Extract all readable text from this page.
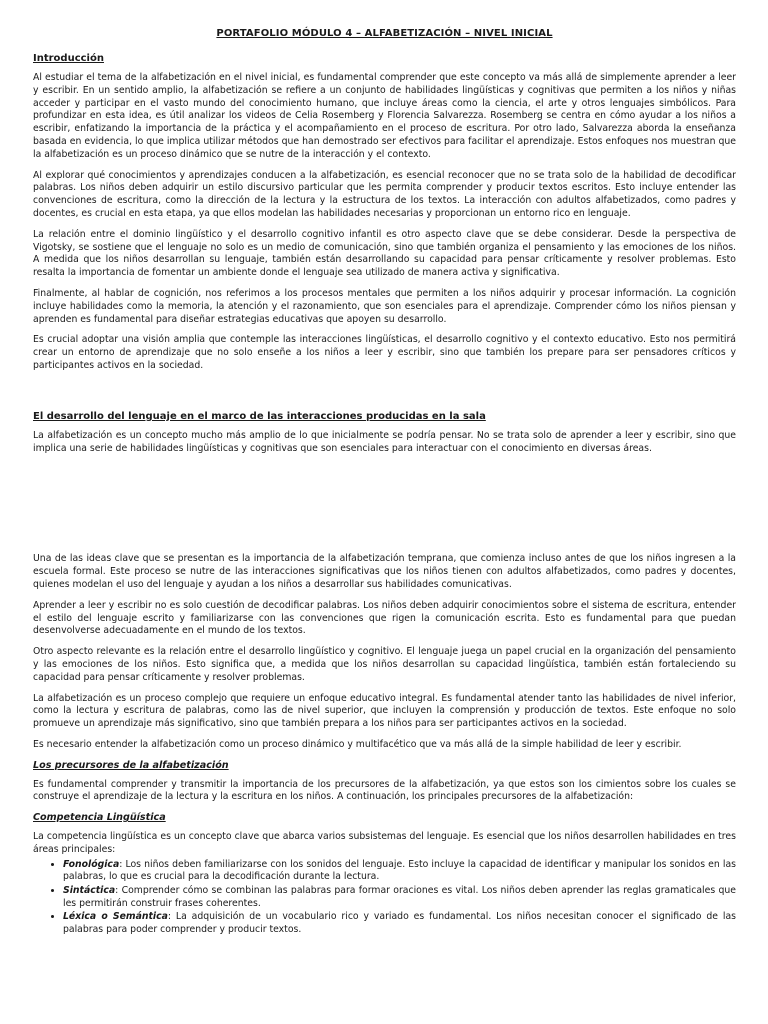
PORTAFOLIO MÓDULO 4 – ALFABETIZACIÓN – NIVEL INICIAL
Introducción

Al estudiar el tema de la alfabetización en el nivel inicial, es fundamental comprender que este concepto va más allá de simplemente aprender a leer y escribir. En un sentido amplio, la alfabetización se refiere a un conjunto de habilidades lingüísticas y cognitivas que permiten a los niños y niñas acceder y participar en el vasto mundo del conocimiento humano, que incluye áreas como la ciencia, el arte y otros lenguajes simbólicos. Para profundizar en esta idea, es útil analizar los videos de Celia Rosemberg y Florencia Salvarezza. Rosemberg se centra en cómo ayudar a los niños a escribir, enfatizando la importancia de la práctica y el acompañamiento en el proceso de escritura. Por otro lado, Salvarezza aborda la enseñanza basada en evidencia, lo que implica utilizar métodos que han demostrado ser efectivos para facilitar el aprendizaje. Estos enfoques nos muestran que la alfabetización es un proceso dinámico que se nutre de la interacción y el contexto.

Al explorar qué conocimientos y aprendizajes conducen a la alfabetización, es esencial reconocer que no se trata solo de la habilidad de decodificar palabras. Los niños deben adquirir un estilo discursivo particular que les permita comprender y producir textos escritos. Esto incluye entender las convenciones de escritura, como la dirección de la lectura y la estructura de los textos. La interacción con adultos alfabetizados, como padres y docentes, es crucial en esta etapa, ya que ellos modelan las habilidades necesarias y proporcionan un entorno rico en lenguaje.

La relación entre el dominio lingüístico y el desarrollo cognitivo infantil es otro aspecto clave que se debe considerar. Desde la perspectiva de Vigotsky, se sostiene que el lenguaje no solo es un medio de comunicación, sino que también organiza el pensamiento y las emociones de los niños. A medida que los niños desarrollan su lenguaje, también están desarrollando su capacidad para pensar críticamente y resolver problemas. Esto resalta la importancia de fomentar un ambiente donde el lenguaje sea utilizado de manera activa y significativa.

Finalmente, al hablar de cognición, nos referimos a los procesos mentales que permiten a los niños adquirir y procesar información. La cognición incluye habilidades como la memoria, la atención y el razonamiento, que son esenciales para el aprendizaje. Comprender cómo los niños piensan y aprenden es fundamental para diseñar estrategias educativas que apoyen su desarrollo.

Es crucial adoptar una visión amplia que contemple las interacciones lingüísticas, el desarrollo cognitivo y el contexto educativo. Esto nos permitirá crear un entorno de aprendizaje que no solo enseñe a los niños a leer y escribir, sino que también los prepare para ser pensadores críticos y participantes activos en la sociedad.

El desarrollo del lenguaje en el marco de las interacciones producidas en la sala

La alfabetización es un concepto mucho más amplio de lo que inicialmente se podría pensar. No se trata solo de aprender a leer y escribir, sino que implica una serie de habilidades lingüísticas y cognitivas que son esenciales para interactuar con el conocimiento en diversas áreas.

Una de las ideas clave que se presentan es la importancia de la alfabetización temprana, que comienza incluso antes de que los niños ingresen a la escuela formal. Este proceso se nutre de las interacciones significativas que los niños tienen con adultos alfabetizados, como padres y docentes, quienes modelan el uso del lenguaje y ayudan a los niños a desarrollar sus habilidades comunicativas.

Aprender a leer y escribir no es solo cuestión de decodificar palabras. Los niños deben adquirir conocimientos sobre el sistema de escritura, entender el estilo del lenguaje escrito y familiarizarse con las convenciones que rigen la comunicación escrita. Esto es fundamental para que puedan desenvolverse adecuadamente en el mundo de los textos.

Otro aspecto relevante es la relación entre el desarrollo lingüístico y cognitivo. El lenguaje juega un papel crucial en la organización del pensamiento y las emociones de los niños. Esto significa que, a medida que los niños desarrollan su capacidad lingüística, también están fortaleciendo su capacidad para pensar críticamente y resolver problemas.

La alfabetización es un proceso complejo que requiere un enfoque educativo integral. Es fundamental atender tanto las habilidades de nivel inferior, como la lectura y escritura de palabras, como las de nivel superior, que incluyen la comprensión y producción de textos. Este enfoque no solo promueve un aprendizaje más significativo, sino que también prepara a los niños para ser participantes activos en la sociedad.

Es necesario entender la alfabetización como un proceso dinámico y multifacético que va más allá de la simple habilidad de leer y escribir.

Los precursores de la alfabetización

Es fundamental comprender y transmitir la importancia de los precursores de la alfabetización, ya que estos son los cimientos sobre los cuales se construye el aprendizaje de la lectura y la escritura en los niños. A continuación, los principales precursores de la alfabetización:

Competencia Lingüística

La competencia lingüística es un concepto clave que abarca varios subsistemas del lenguaje. Es esencial que los niños desarrollen habilidades en tres áreas principales:

• Fonológica: Los niños deben familiarizarse con los sonidos del lenguaje. Esto incluye la capacidad de identificar y manipular los sonidos en las palabras, lo que es crucial para la decodificación durante la lectura.
• Sintáctica: Comprender cómo se combinan las palabras para formar oraciones es vital. Los niños deben aprender las reglas gramaticales que les permitirán construir frases coherentes.
• Léxica o Semántica: La adquisición de un vocabulario rico y variado es fundamental. Los niños necesitan conocer el significado de las palabras para poder comprender y producir textos.
